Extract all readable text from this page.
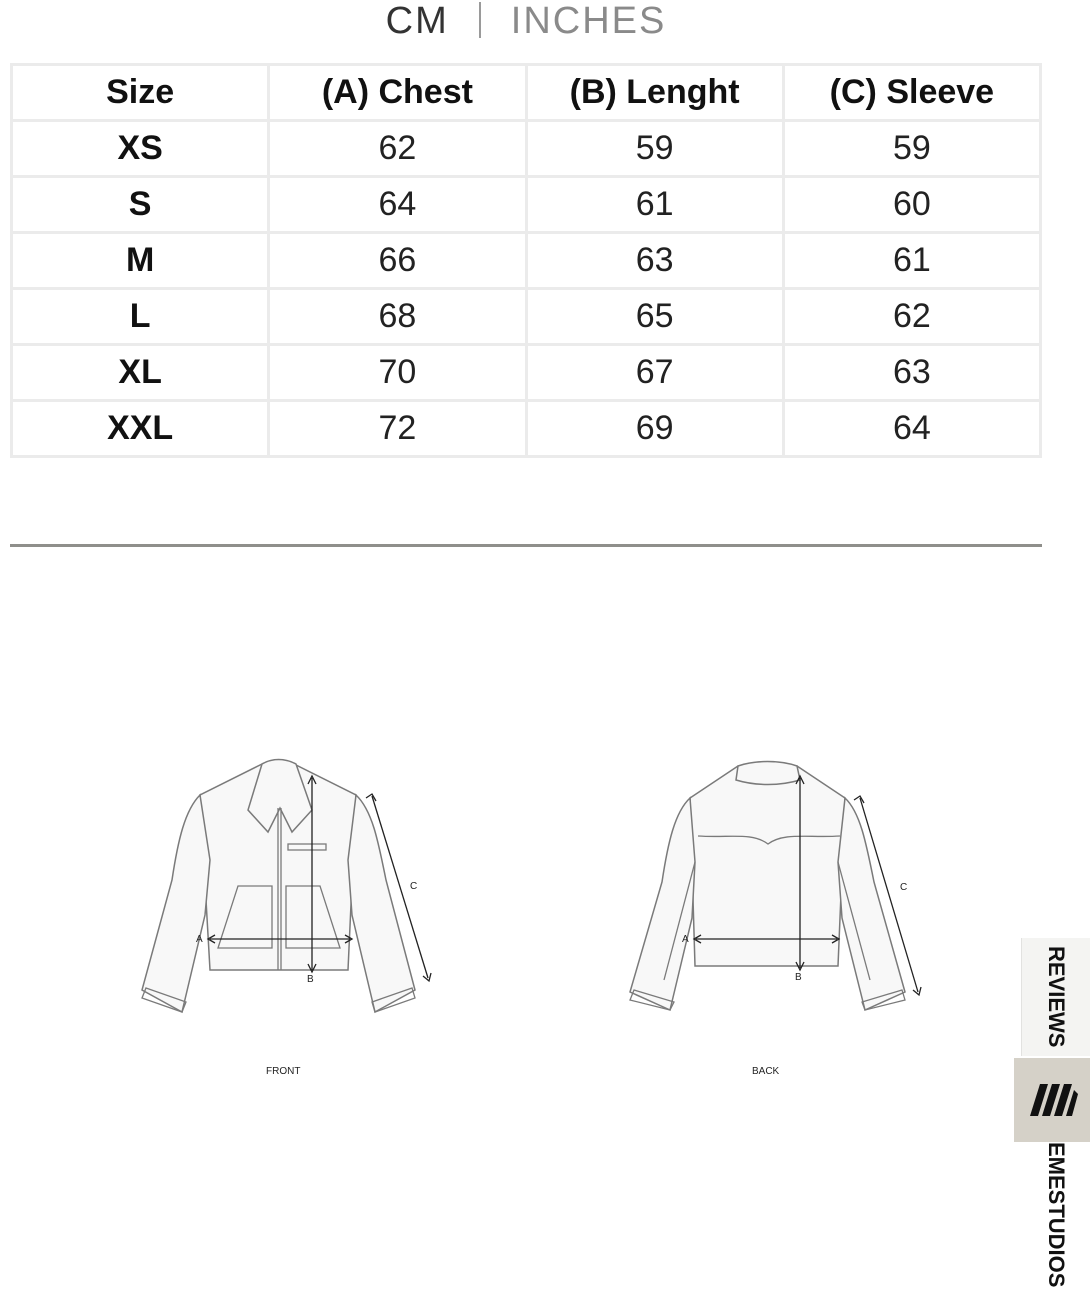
CM	INCHES
Size	(A) Chest	(B) Lenght	(C) Sleeve
XS	62	59	59
S	64	61	60
M	66	63	61
L	68	65	62
XL	70	67	63
XXL	72	69	64
A
B
C
FRONT
A
B
C
BACK
REVIEWS
EMESTUDIOS
